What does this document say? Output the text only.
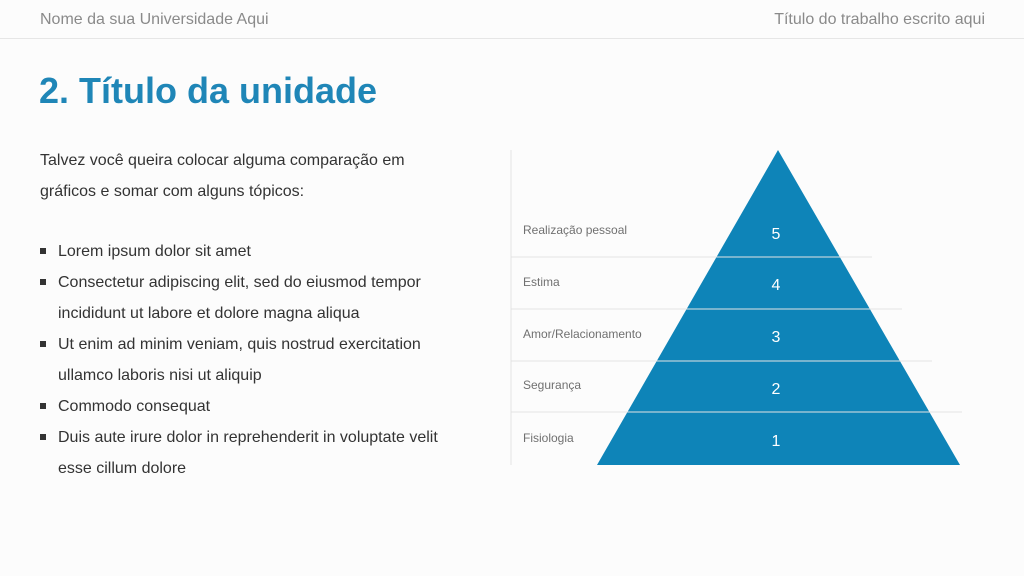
Nome da sua Universidade Aqui	Título do trabalho escrito aqui
2. Título da unidade

Talvez você queira colocar alguma comparação em gráficos e somar com alguns tópicos:

Lorem ipsum dolor sit amet
Consectetur adipiscing elit, sed do eiusmod tempor incididunt ut labore et dolore magna aliqua
Ut enim ad minim veniam, quis nostrud exercitation ullamco laboris nisi ut aliquip
Commodo consequat
Duis aute irure dolor in reprehenderit in voluptate velit esse cillum dolore
Realização pessoal
Estima
Amor/Relacionamento
Segurança
Fisiologia
5
4
3
2
1
